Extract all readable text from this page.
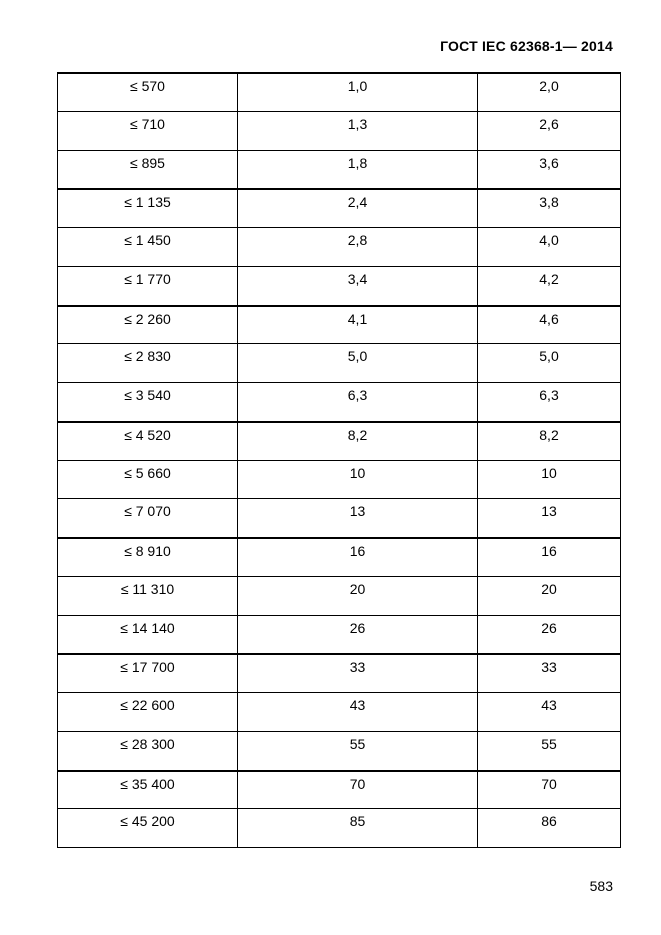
ГОСТ IEC 62368-1— 2014
≤ 570	1,0	2,0
≤ 710	1,3	2,6
≤ 895	1,8	3,6
≤ 1 135	2,4	3,8
≤ 1 450	2,8	4,0
≤ 1 770	3,4	4,2
≤ 2 260	4,1	4,6
≤ 2 830	5,0	5,0
≤ 3 540	6,3	6,3
≤ 4 520	8,2	8,2
≤ 5 660	10	10
≤ 7 070	13	13
≤ 8 910	16	16
≤ 11 310	20	20
≤ 14 140	26	26
≤ 17 700	33	33
≤ 22 600	43	43
≤ 28 300	55	55
≤ 35 400	70	70
≤ 45 200	85	86
583
